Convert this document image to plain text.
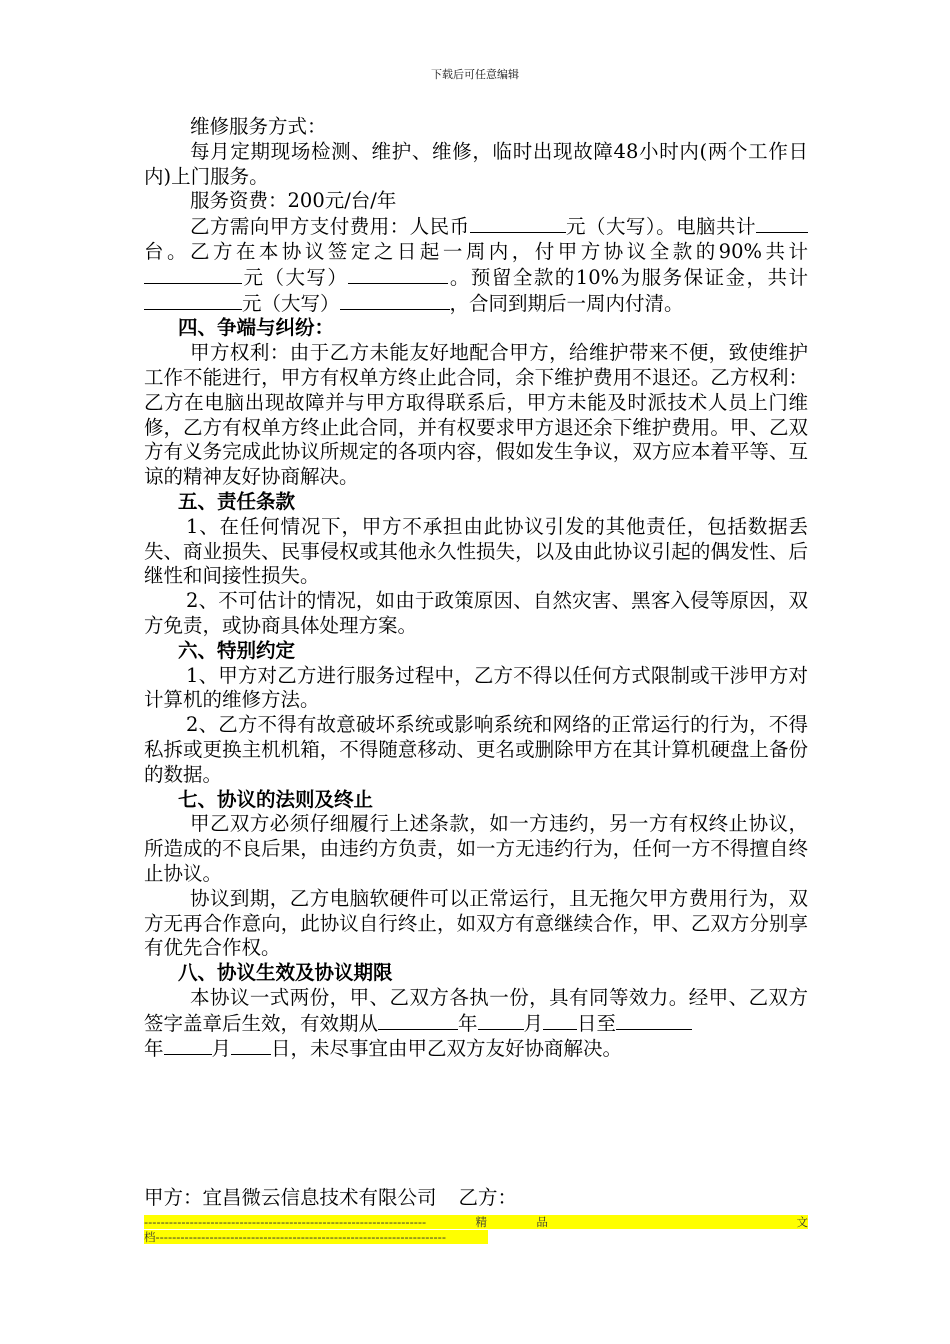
下载后可任意编辑

维修服务方式：

每月定期现场检测、维护、维修，临时出现故障48小时内(两个工作日内)上门服务。

服务资费：200元/台/年

乙方需向甲方支付费用：人民币	元（大写）。电脑共计台。乙方在本协议签定之日起一周内，付甲方协议全款的90%共计元（大写）	。预留全款的10%为服务保证金，共计元（大写）	，合同到期后一周内付清。

四、争端与纠纷：

甲方权利：由于乙方未能友好地配合甲方，给维护带来不便，致使维护工作不能进行，甲方有权单方终止此合同，余下维护费用不退还。乙方权利：乙方在电脑出现故障并与甲方取得联系后，甲方未能及时派技术人员上门维修，乙方有权单方终止此合同，并有权要求甲方退还余下维护费用。甲、乙双方有义务完成此协议所规定的各项内容，假如发生争议，双方应本着平等、互谅的精神友好协商解决。

五、责任条款

1、在任何情况下，甲方不承担由此协议引发的其他责任，包括数据丢失、商业损失、民事侵权或其他永久性损失，以及由此协议引起的偶发性、后继性和间接性损失。

2、不可估计的情况，如由于政策原因、自然灾害、黑客入侵等原因，双方免责，或协商具体处理方案。

六、特别约定

1、甲方对乙方进行服务过程中，乙方不得以任何方式限制或干涉甲方对计算机的维修方法。

2、乙方不得有故意破坏系统或影响系统和网络的正常运行的行为，不得私拆或更换主机机箱，不得随意移动、更名或删除甲方在其计算机硬盘上备份的数据。

七、协议的法则及终止

甲乙双方必须仔细履行上述条款，如一方违约，另一方有权终止协议，所造成的不良后果，由违约方负责，如一方无违约行为，任何一方不得擅自终止协议。

协议到期，乙方电脑软硬件可以正常运行，且无拖欠甲方费用行为，双方无再合作意向，此协议自行终止，如双方有意继续合作，甲、乙双方分别享有优先合作权。

八、协议生效及协议期限

本协议一式两份，甲、乙双方各执一份，具有同等效力。经甲、乙双方签字盖章后生效，有效期从	年 月 日至
年 月 日，未尽事宜由甲乙双方友好协商解决。

甲方：宜昌微云信息技术有限公司 乙方：
--------------------------------------------------------------------	精	品	文
档----------------------------------------------------------------------
